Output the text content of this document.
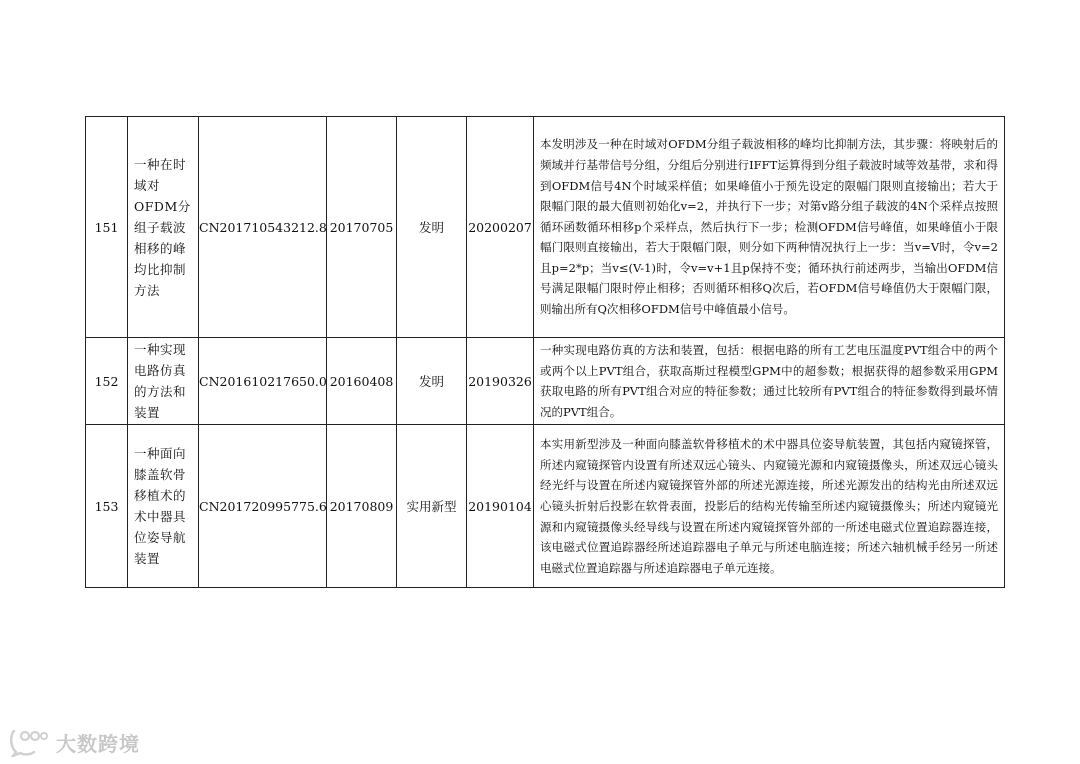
151	一种在时域对OFDM分组子载波相移的峰均比抑制方法	CN201710543212.8	20170705	发明	20200207	本发明涉及一种在时域对OFDM分组子载波相移的峰均比抑制方法，其步骤：将映射后的频域并行基带信号分组，分组后分别进行IFFT运算得到分组子载波时域等效基带，求和得到OFDM信号4N个时域采样值；如果峰值小于预先设定的限幅门限则直接输出；若大于限幅门限的最大值则初始化v=2，并执行下一步；对第v路分组子载波的4N个采样点按照循环函数循环相移p个采样点，然后执行下一步；检测OFDM信号峰值，如果峰值小于限幅门限则直接输出，若大于限幅门限，则分如下两种情况执行上一步：当v=V时，令v=2且p=2*p；当v≤(V-1)时，令v=v+1且p保持不变；循环执行前述两步，当输出OFDM信号满足限幅门限时停止相移；否则循环相移Q次后，若OFDM信号峰值仍大于限幅门限，则输出所有Q次相移OFDM信号中峰值最小信号。
152	一种实现电路仿真的方法和装置	CN201610217650.0	20160408	发明	20190326	一种实现电路仿真的方法和装置，包括：根据电路的所有工艺电压温度PVT组合中的两个或两个以上PVT组合，获取高斯过程模型GPM中的超参数；根据获得的超参数采用GPM获取电路的所有PVT组合对应的特征参数；通过比较所有PVT组合的特征参数得到最坏情况的PVT组合。
153	一种面向膝盖软骨移植术的术中器具位姿导航装置	CN201720995775.6	20170809	实用新型	20190104	本实用新型涉及一种面向膝盖软骨移植术的术中器具位姿导航装置，其包括内窥镜探管，所述内窥镜探管内设置有所述双远心镜头、内窥镜光源和内窥镜摄像头，所述双远心镜头经光纤与设置在所述内窥镜探管外部的所述光源连接，所述光源发出的结构光由所述双远心镜头折射后投影在软骨表面，投影后的结构光传输至所述内窥镜摄像头；所述内窥镜光源和内窥镜摄像头经导线与设置在所述内窥镜探管外部的一所述电磁式位置追踪器连接，该电磁式位置追踪器经所述追踪器电子单元与所述电脑连接；所述六轴机械手经另一所述电磁式位置追踪器与所述追踪器电子单元连接。
大数跨境
